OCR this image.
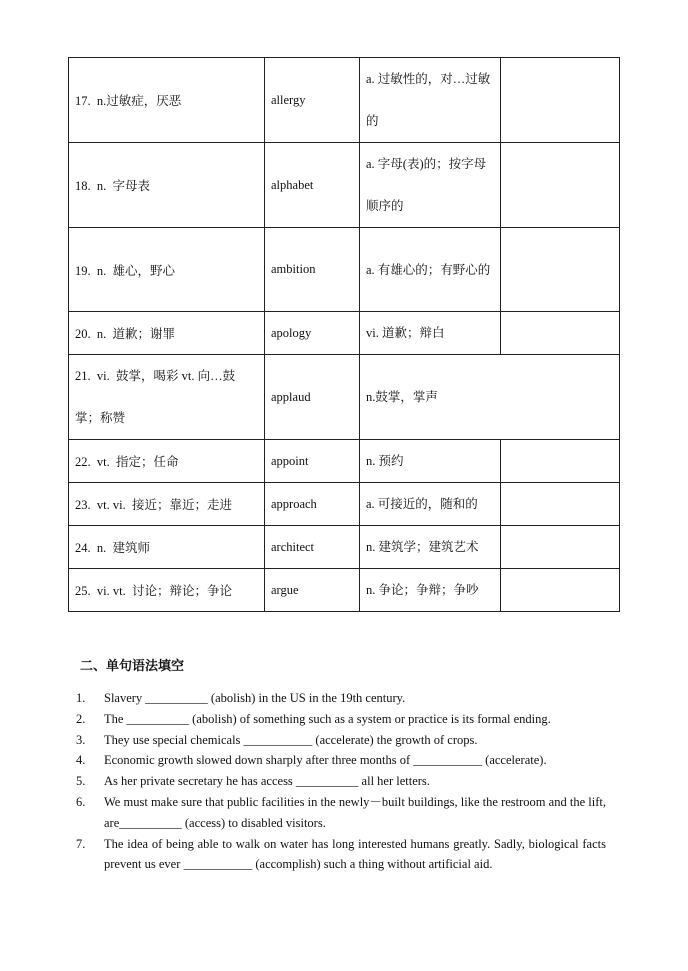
17. n.过敏症，厌恶	allergy	a. 过敏性的，对…过敏的	
18. n. 字母表	alphabet	a. 字母(表)的；按字母顺序的	
19. n. 雄心，野心	ambition	a. 有雄心的；有野心的	
20. n. 道歉；谢罪	apology	vi. 道歉；辩白	
21. vi. 鼓掌，喝彩 vt. 向…鼓掌；称赞	applaud	n.鼓掌，掌声	
22. vt. 指定；任命	appoint	n. 预约	
23. vt. vi. 接近；靠近；走进	approach	a. 可接近的，随和的	
24. n. 建筑师	architect	n. 建筑学；建筑艺术	
25. vi. vt. 讨论；辩论；争论	argue	n. 争论；争辩；争吵	
二、单句语法填空
1. Slavery __________ (abolish) in the US in the 19th century.
2. The __________ (abolish) of something such as a system or practice is its formal ending.
3. They use special chemicals ___________ (accelerate) the growth of crops.
4. Economic growth slowed down sharply after three months of ___________ (accelerate).
5. As her private secretary he has access __________ all her letters.
6. We must make sure that public facilities in the newly－built buildings, like the restroom and the lift, are__________ (access) to disabled visitors.
7. The idea of being able to walk on water has long interested humans greatly. Sadly, biological facts prevent us ever ___________ (accomplish) such a thing without artificial aid.
